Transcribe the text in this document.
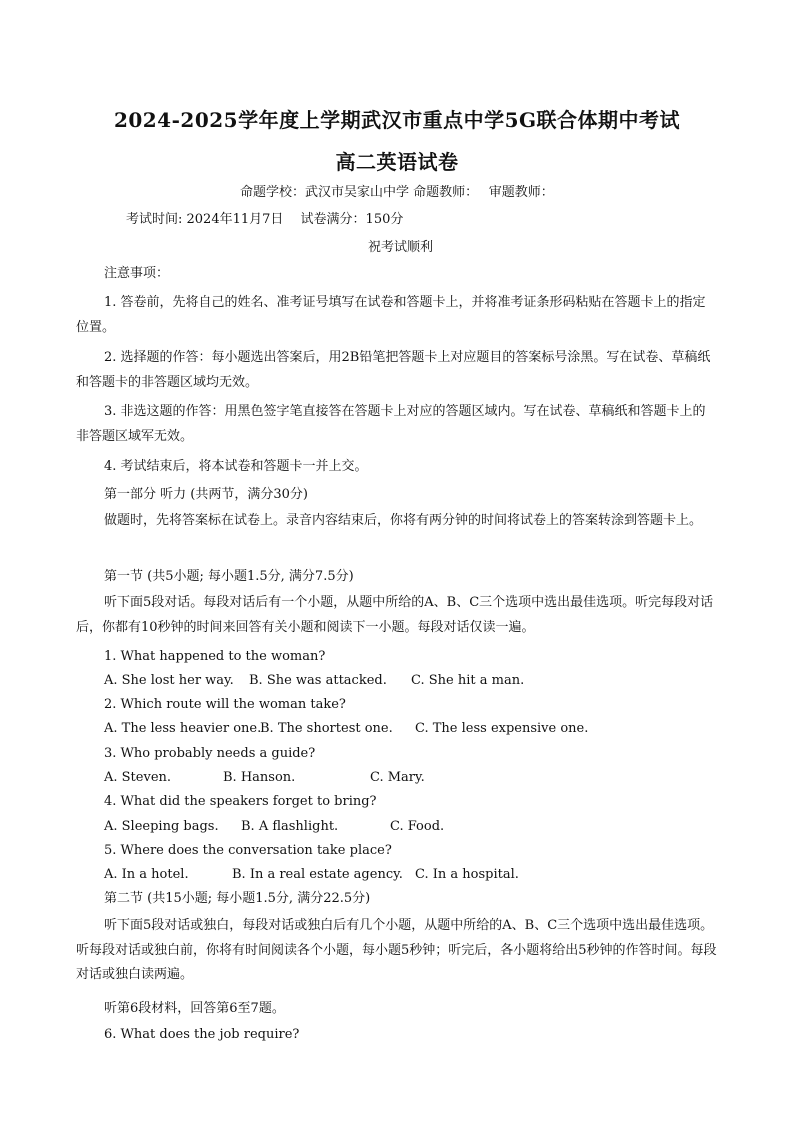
2024-2025学年度上学期武汉市重点中学5G联合体期中考试
高二英语试卷
命题学校：武汉市吴家山中学 命题教师：　 审题教师：
考试时间: 2024年11月7日　 试卷满分：150分
祝考试顺利
注意事项：
1. 答卷前，先将自己的姓名、准考证号填写在试卷和答题卡上，并将准考证条形码粘贴在答题卡上的指定位置。
2. 选择题的作答：每小题选出答案后，用2B铅笔把答题卡上对应题目的答案标号涂黑。写在试卷、草稿纸和答题卡的非答题区域均无效。
3. 非选这题的作答：用黑色签字笔直接答在答题卡上对应的答题区域内。写在试卷、草稿纸和答题卡上的非答题区域军无效。
4. 考试结束后，将本试卷和答题卡一并上交。
第一部分 听力 (共两节，满分30分)
做题时，先将答案标在试卷上。录音内容结束后，你将有两分钟的时间将试卷上的答案转涂到答题卡上。
第一节 (共5小题; 每小题1.5分, 满分7.5分)
听下面5段对话。每段对话后有一个小题，从题中所给的A、B、C三个选项中选出最佳选项。听完每段对话后，你都有10秒钟的时间来回答有关小题和阅读下一小题。每段对话仅读一遍。
1. What happened to the woman?
A. She lost her way. B. She was attacked. C. She hit a man.
2. Which route will the woman take?
A. The less heavier one.
B. The shortest one. C. The less expensive one.
3. Who probably needs a guide?
A. Steven.	B. Hanson.	C. Mary.
4. What did the speakers forget to bring?
A. Sleeping bags. B. A flashlight.	C. Food.
5. Where does the conversation take place?
A. In a hotel.	B. In a real estate agency. C. In a hospital.
第二节 (共15小题; 每小题1.5分, 满分22.5分)
听下面5段对话或独白，每段对话或独白后有几个小题，从题中所给的A、B、C三个选项中选出最佳选项。听每段对话或独白前，你将有时间阅读各个小题，每小题5秒钟；听完后，各小题将给出5秒钟的作答时间。每段对话或独白读两遍。
听第6段材料，回答第6至7题。
6. What does the job require?
